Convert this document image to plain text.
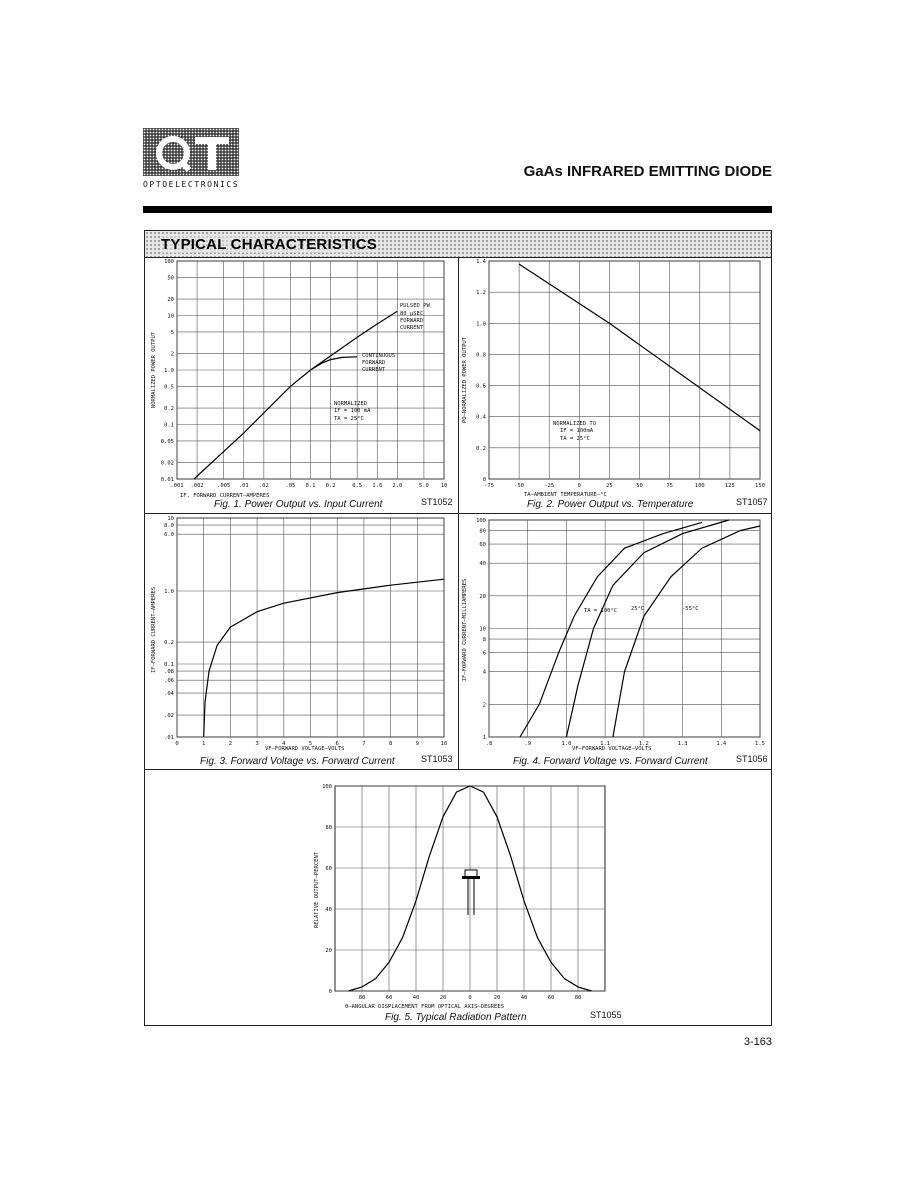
OPTOELECTRONICS
GaAs INFRARED EMITTING DIODE
TYPICAL CHARACTERISTICS
.001 .002 .005 .01 .02	.05 0.1 0.2	0.5 1.0 2.0	5.0 10
100
50
20
10
5
2
1.0
0.5
0.2
0.1
0.05
0.02
0.01
IF, FORWARD CURRENT–AMPERES
NORMALIZED POWER OUTPUT
PULSED PW
80 μSEC
FORWARD
CURRENT
CONTINUOUS
FORWARD
CURRENT
NORMALIZED
IF = 100 mA
TA = 25°C
-75	-50	-25	0	25	50	75	100	125	150
0
0.2
0.4
0.6
0.8
1.0
1.2
1.4
TA–AMBIENT TEMPERATURE–°C
PO–NORMALIZED POWER OUTPUT
NORMALIZED TO
IF = 100mA
TA = 25°C
0	1	2	3	4	5	6	7	8	9	10
10
8.0
6.0
1.0
0.2
0.1
.08
.06
.04
.02
.01
VF–FORWARD VOLTAGE–VOLTS
IF–FORWARD CURRENT–AMPERES
.8	.9	1.0	1.1	1.2	1.3	1.4	1.5
100
80
60
40
20
10
8
6
4
2
1
VF–FORWARD VOLTAGE–VOLTS
IF–FORWARD CURRENT–MILLIAMPERES	TA = 100°C	25°C	-55°C
80	60	40	20	0	20	40	60	80
0
20
40
60
80
100
θ–ANGULAR DISPLACEMENT FROM OPTICAL AXIS–DEGREES
RELATIVE OUTPUT–PERCENT
Fig. 1. Power Output vs. Input Current	ST1052	Fig. 2. Power Output vs. Temperature	ST1057
Fig. 3. Forward Voltage vs. Forward Current	ST1053	Fig. 4. Forward Voltage vs. Forward Current	ST1056
Fig. 5. Typical Radiation Pattern	ST1055
3-163
